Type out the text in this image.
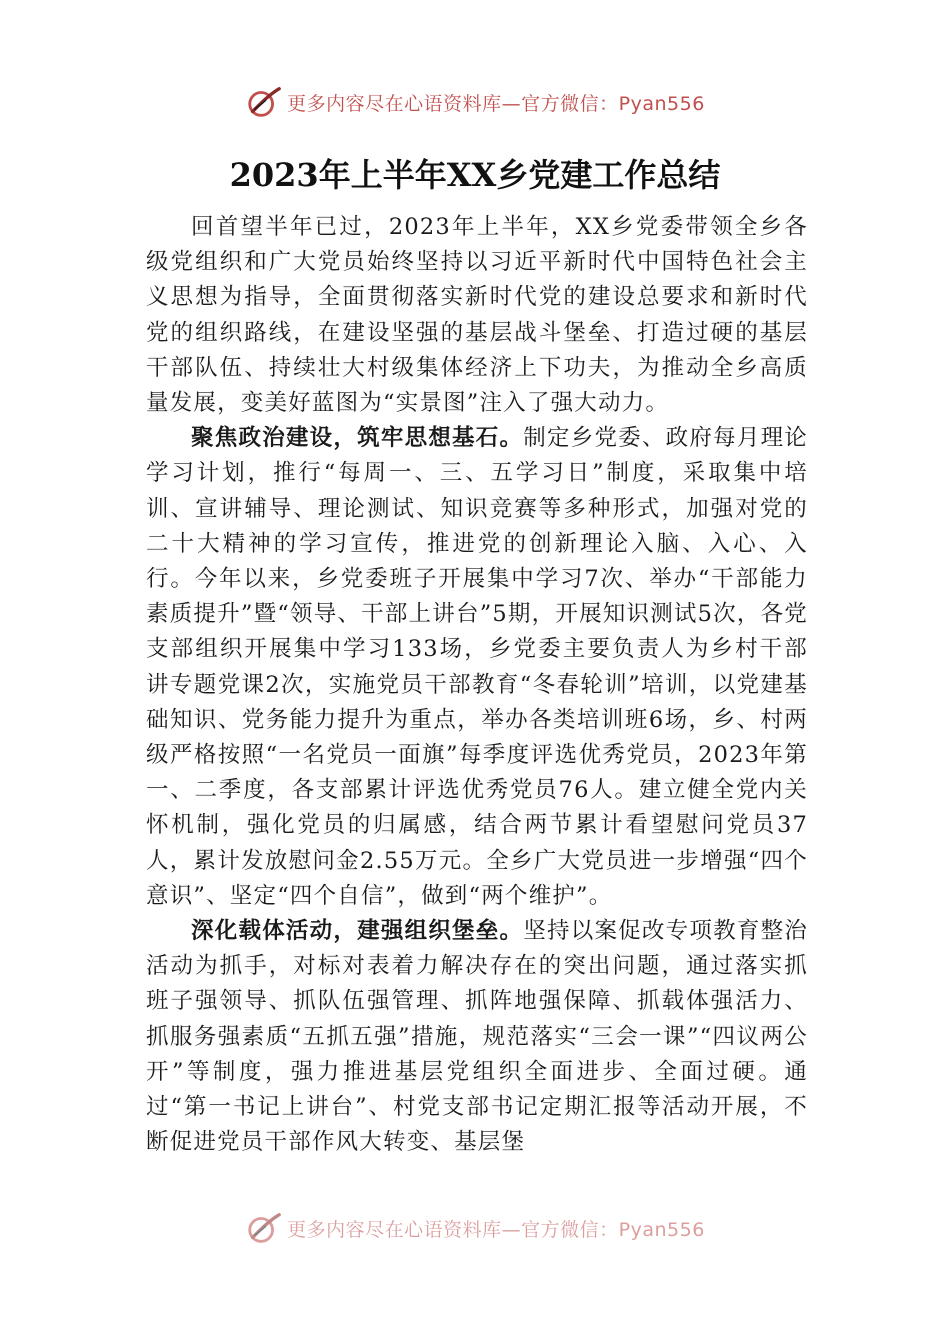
更多内容尽在心语资料库—官方微信：Pyan556
2023年上半年XX乡党建工作总结

回首望半年已过，2023年上半年，XX乡党委带领全乡各级党组织和广大党员始终坚持以习近平新时代中国特色社会主义思想为指导，全面贯彻落实新时代党的建设总要求和新时代党的组织路线，在建设坚强的基层战斗堡垒、打造过硬的基层干部队伍、持续壮大村级集体经济上下功夫，为推动全乡高质量发展，变美好蓝图为“实景图”注入了强大动力。

聚焦政治建设，筑牢思想基石。制定乡党委、政府每月理论学习计划，推行“每周一、三、五学习日”制度，采取集中培训、宣讲辅导、理论测试、知识竞赛等多种形式，加强对党的二十大精神的学习宣传，推进党的创新理论入脑、入心、入行。今年以来，乡党委班子开展集中学习7次、举办“干部能力素质提升”暨“领导、干部上讲台”5期，开展知识测试5次，各党支部组织开展集中学习133场，乡党委主要负责人为乡村干部讲专题党课2次，实施党员干部教育“冬春轮训”培训，以党建基础知识、党务能力提升为重点，举办各类培训班6场，乡、村两级严格按照“一名党员一面旗”每季度评选优秀党员，2023年第一、二季度，各支部累计评选优秀党员76人。建立健全党内关怀机制，强化党员的归属感，结合两节累计看望慰问党员37人，累计发放慰问金2.55万元。全乡广大党员进一步增强“四个意识”、坚定“四个自信”，做到“两个维护”。

深化载体活动，建强组织堡垒。坚持以案促改专项教育整治活动为抓手，对标对表着力解决存在的突出问题，通过落实抓班子强领导、抓队伍强管理、抓阵地强保障、抓载体强活力、抓服务强素质“五抓五强”措施，规范落实“三会一课”“四议两公开”等制度，强力推进基层党组织全面进步、全面过硬。通过“第一书记上讲台”、村党支部书记定期汇报等活动开展，不断促进党员干部作风大转变、基层堡

更多内容尽在心语资料库—官方微信：Pyan556
